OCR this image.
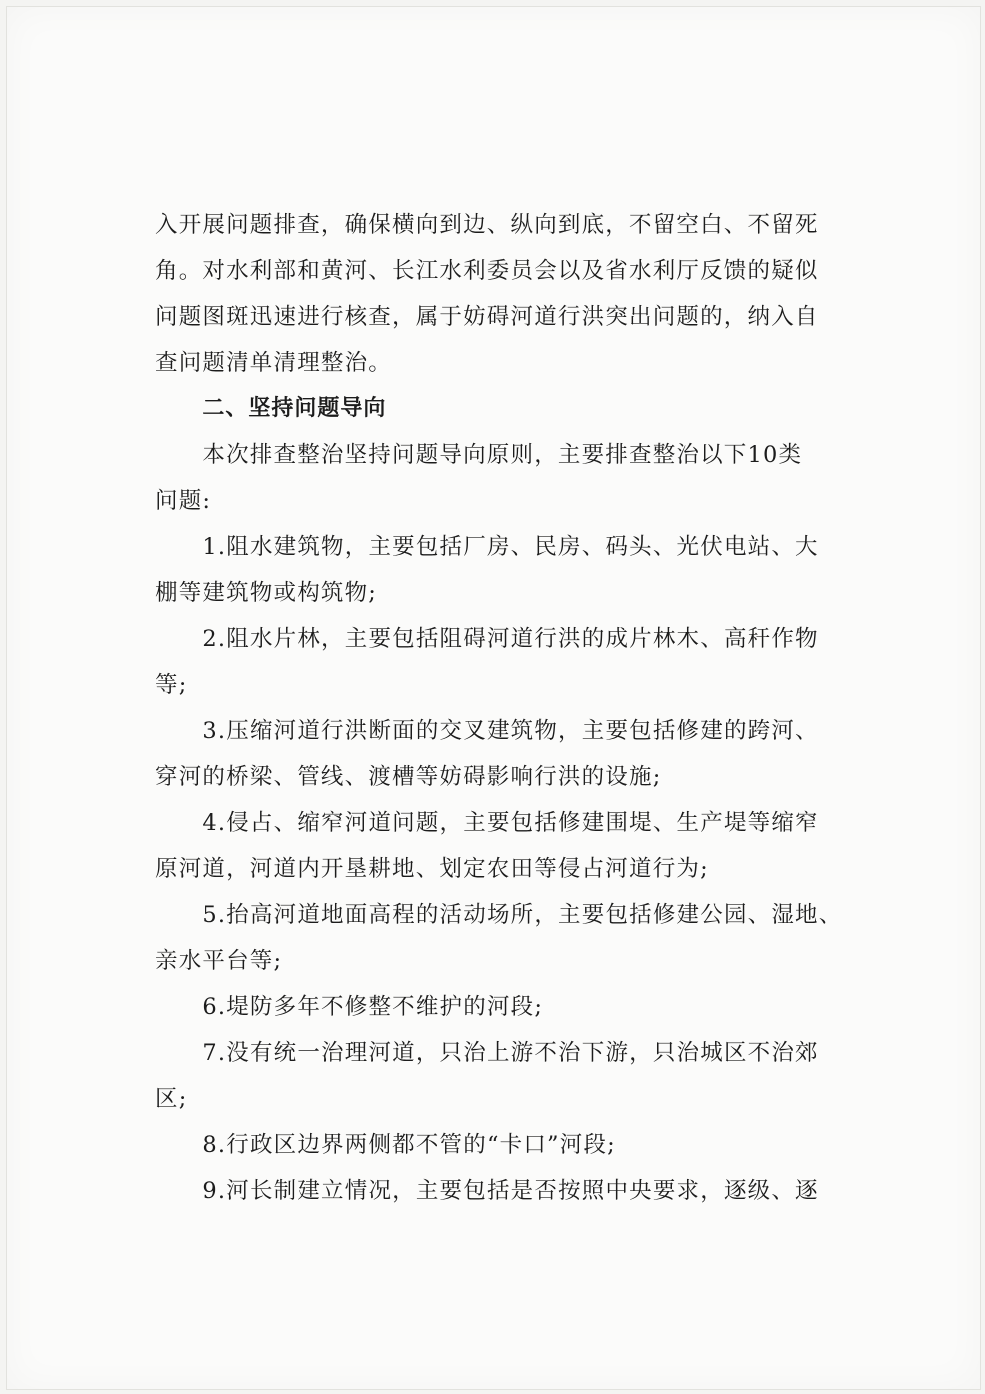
入开展问题排查，确保横向到边、纵向到底，不留空白、不留死
角。对水利部和黄河、长江水利委员会以及省水利厅反馈的疑似
问题图斑迅速进行核查，属于妨碍河道行洪突出问题的，纳入自
查问题清单清理整治。
二、坚持问题导向
本次排查整治坚持问题导向原则，主要排查整治以下10类
问题:
1.阻水建筑物，主要包括厂房、民房、码头、光伏电站、大
棚等建筑物或构筑物;
2.阻水片林，主要包括阻碍河道行洪的成片林木、高秆作物
等;
3.压缩河道行洪断面的交叉建筑物，主要包括修建的跨河、
穿河的桥梁、管线、渡槽等妨碍影响行洪的设施;
4.侵占、缩窄河道问题，主要包括修建围堤、生产堤等缩窄
原河道，河道内开垦耕地、划定农田等侵占河道行为;
5.抬高河道地面高程的活动场所，主要包括修建公园、湿地、
亲水平台等;
6.堤防多年不修整不维护的河段;
7.没有统一治理河道，只治上游不治下游，只治城区不治郊
区;
8.行政区边界两侧都不管的“卡口”河段;
9.河长制建立情况，主要包括是否按照中央要求，逐级、逐
